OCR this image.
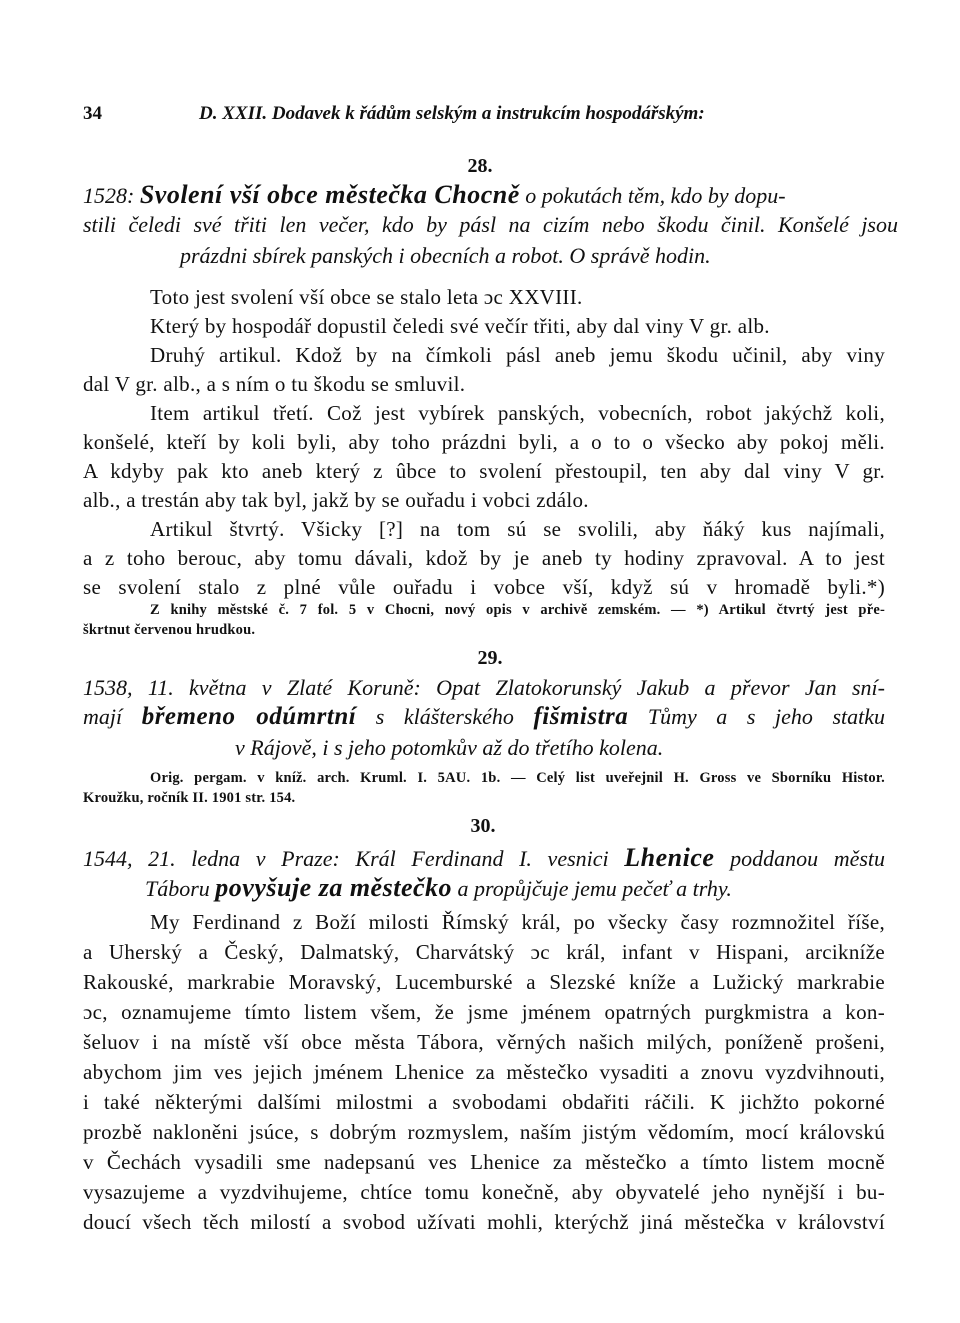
34	D. XXII. Dodavek k řádům selským a instrukcím hospodářským:
28.
1528: Svolení vší obce městečka Chocně o pokutách těm, kdo by dopu-
stili čeledi své třiti len večer, kdo by pásl na cizím nebo škodu činil. Konšelé jsou
prázdni sbírek panských i obecních a robot. O správě hodin.
Toto jest svolení vší obce se stalo leta ɔc XXVIII.
Který by hospodář dopustil čeledi své večír třiti, aby dal viny V gr. alb.
Druhý artikul. Kdož by na čímkoli pásl aneb jemu škodu učinil, aby viny
dal V gr. alb., a s ním o tu škodu se smluvil.
Item artikul třetí. Což jest vybírek panských, vobecních, robot jakýchž koli,
konšelé, kteří by koli byli, aby toho prázdni byli, a o to o všecko aby pokoj měli.
A kdyby pak kto aneb který z ûbce to svolení přestoupil, ten aby dal viny V gr.
alb., a trestán aby tak byl, jakž by se ouřadu i vobci zdálo.
Artikul štvrtý. Všicky [?] na tom sú se svolili, aby ňáký kus najímali,
a z toho berouc, aby tomu dávali, kdož by je aneb ty hodiny zpravoval. A to jest
se svolení stalo z plné vůle ouřadu i vobce vší, když sú v hromadě byli.*)
Z knihy městské č. 7 fol. 5 v Chocni, nový opis v archivě zemském. — *) Artikul čtvrtý jest pře-
škrtnut červenou hrudkou.
29.
1538, 11. května v Zlaté Koruně: Opat Zlatokorunský Jakub a převor Jan sní-
mají břemeno odúmrtní s klášterského fišmistra Tůmy a s jeho statku
v Rájově, i s jeho potomkův až do třetího kolena.
Orig. pergam. v kníž. arch. Kruml. I. 5AU. 1b. — Celý list uveřejnil H. Gross ve Sborníku Histor.
Kroužku, ročník II. 1901 str. 154.
30.
1544, 21. ledna v Praze: Král Ferdinand I. vesnici Lhenice poddanou městu
Táboru povyšuje za městečko a propůjčuje jemu pečeť a trhy.
My Ferdinand z Boží milosti Římský král, po všecky časy rozmnožitel říše,
a Uherský a Český, Dalmatský, Charvátský ɔc král, infant v Hispani, arcikníže
Rakouské, markrabie Moravský, Lucemburské a Slezské kníže a Lužický markrabie
ɔc, oznamujeme tímto listem všem, že jsme jménem opatrných purgkmistra a kon-
šeluov i na místě vší obce města Tábora, věrných našich milých, poníženě prošeni,
abychom jim ves jejich jménem Lhenice za městečko vysaditi a znovu vyzdvihnouti,
i také některými dalšími milostmi a svobodami obdařiti ráčili. K jichžto pokorné
prozbě nakloněni jsúce, s dobrým rozmyslem, naším jistým vědomím, mocí královskú
v Čechách vysadili sme nadepsanú ves Lhenice za městečko a tímto listem mocně
vysazujeme a vyzdvihujeme, chtíce tomu konečně, aby obyvatelé jeho nynější i bu-
doucí všech těch milostí a svobod užívati mohli, kterýchž jiná městečka v království
